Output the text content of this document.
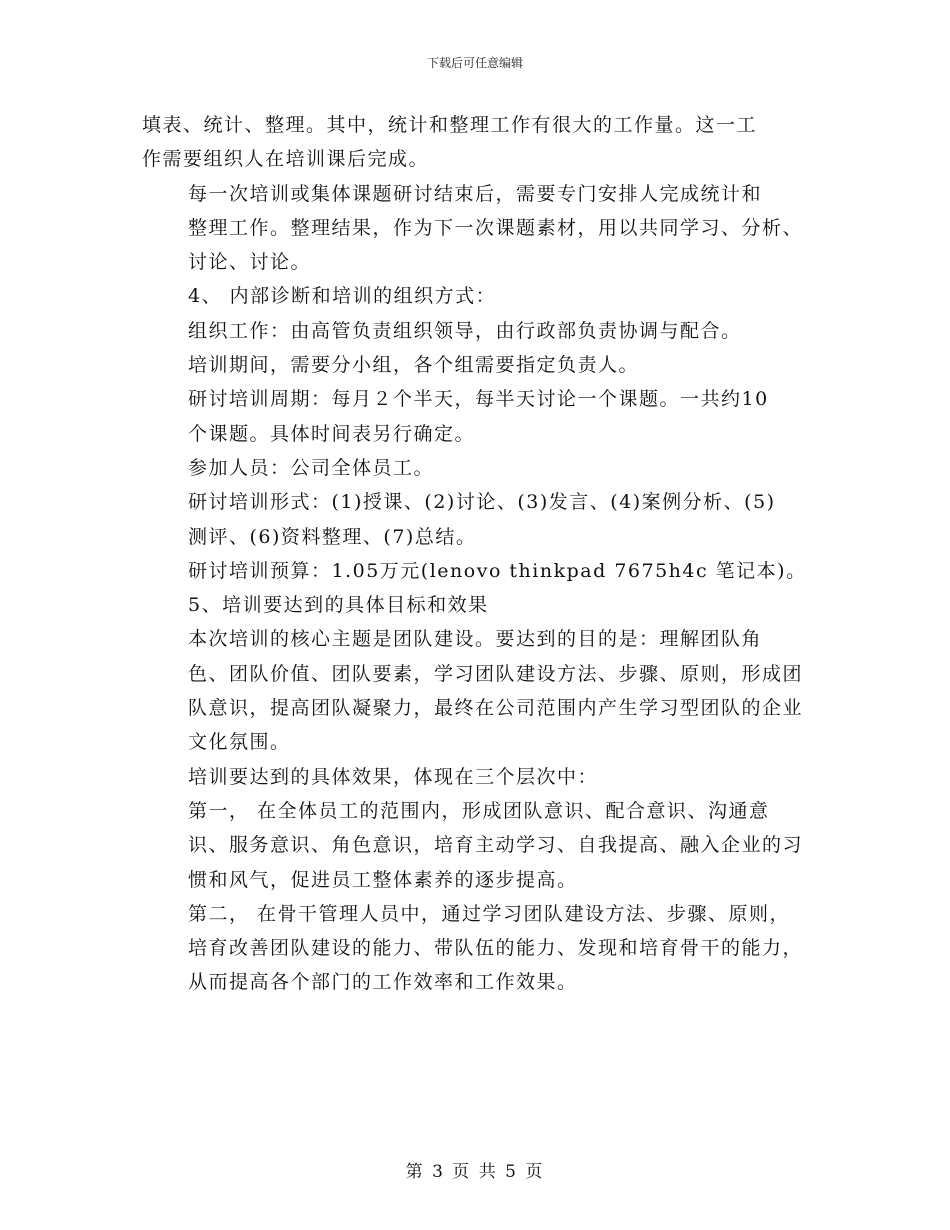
下载后可任意编辑

填表、统计、整理。其中，统计和整理工作有很大的工作量。这一工
作需要组织人在培训课后完成。

每一次培训或集体课题研讨结束后，需要专门安排人完成统计和
整理工作。整理结果，作为下一次课题素材，用以共同学习、分析、
讨论、讨论。

4、 内部诊断和培训的组织方式：

组织工作：由高管负责组织领导，由行政部负责协调与配合。

培训期间，需要分小组，各个组需要指定负责人。

研讨培训周期：每月２个半天，每半天讨论一个课题。一共约10
个课题。具体时间表另行确定。

参加人员：公司全体员工。

研讨培训形式：(1)授课、(2)讨论、(3)发言、(4)案例分析、(5)
测评、(6)资料整理、(7)总结。

研讨培训预算：1.05万元(lenovo thinkpad 7675h4c 笔记本)。

5、培训要达到的具体目标和效果

本次培训的核心主题是团队建设。要达到的目的是：理解团队角
色、团队价值、团队要素，学习团队建设方法、步骤、原则，形成团
队意识，提高团队凝聚力，最终在公司范围内产生学习型团队的企业
文化氛围。

培训要达到的具体效果，体现在三个层次中：

第一， 在全体员工的范围内，形成团队意识、配合意识、沟通意
识、服务意识、角色意识，培育主动学习、自我提高、融入企业的习
惯和风气，促进员工整体素养的逐步提高。

第二， 在骨干管理人员中，通过学习团队建设方法、步骤、原则，
培育改善团队建设的能力、带队伍的能力、发现和培育骨干的能力，
从而提高各个部门的工作效率和工作效果。

第 3 页 共 5 页
